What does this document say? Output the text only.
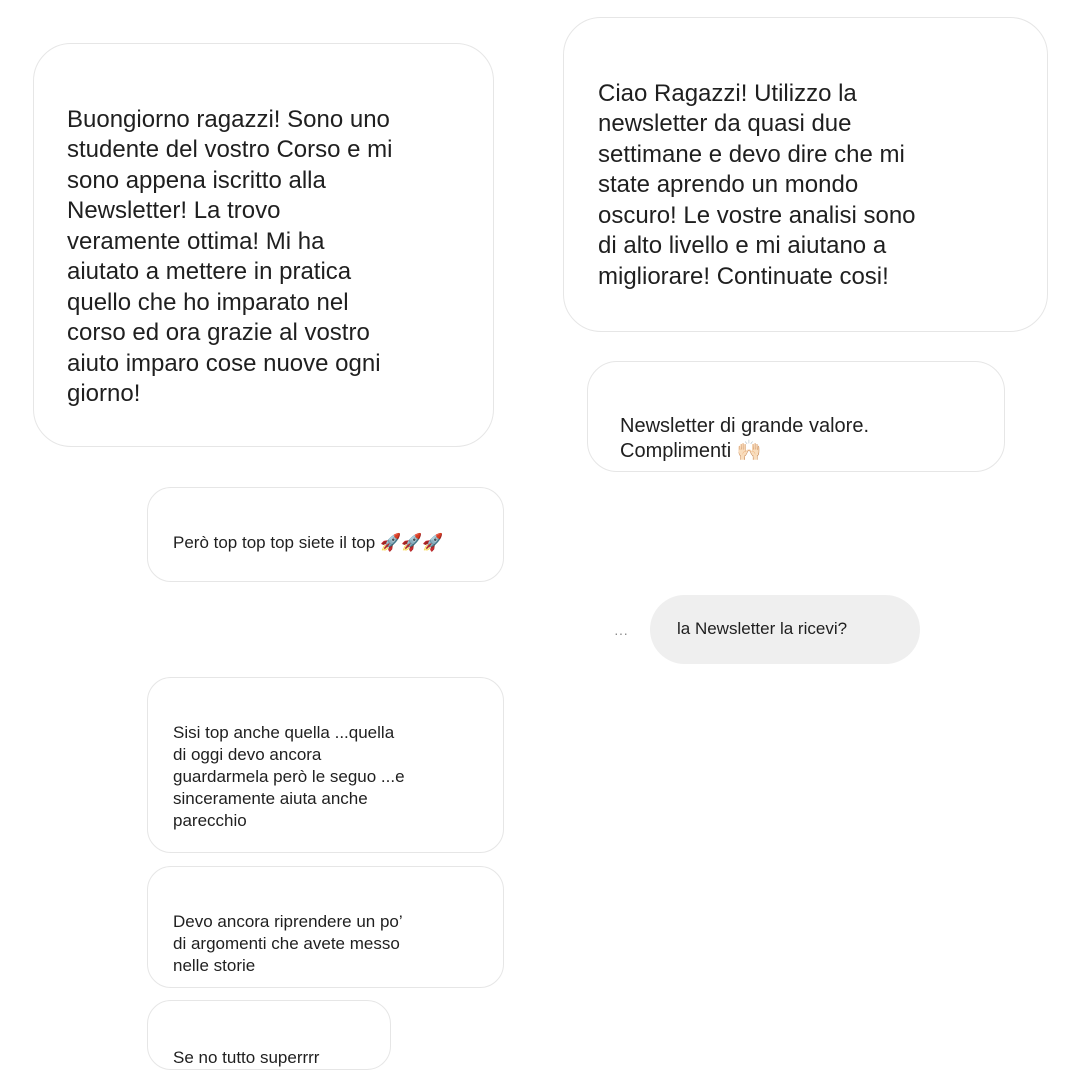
Buongiorno ragazzi! Sono uno
studente del vostro Corso e mi
sono appena iscritto alla
Newsletter! La trovo
veramente ottima! Mi ha
aiutato a mettere in pratica
quello che ho imparato nel
corso ed ora grazie al vostro
aiuto imparo cose nuove ogni
giorno!

Ciao Ragazzi! Utilizzo la
newsletter da quasi due
settimane e devo dire che mi
state aprendo un mondo
oscuro! Le vostre analisi sono
di alto livello e mi aiutano a
migliorare! Continuate cosi!

Newsletter di grande valore.
Complimenti 🙌🏻

Però top top top siete il top 🚀🚀🚀

···	la Newsletter la ricevi?

Sisi top anche quella ...quella
di oggi devo ancora
guardarmela però le seguo ...e
sinceramente aiuta anche
parecchio

Devo ancora riprendere un po’
di argomenti che avete messo
nelle storie

Se no tutto superrrr
